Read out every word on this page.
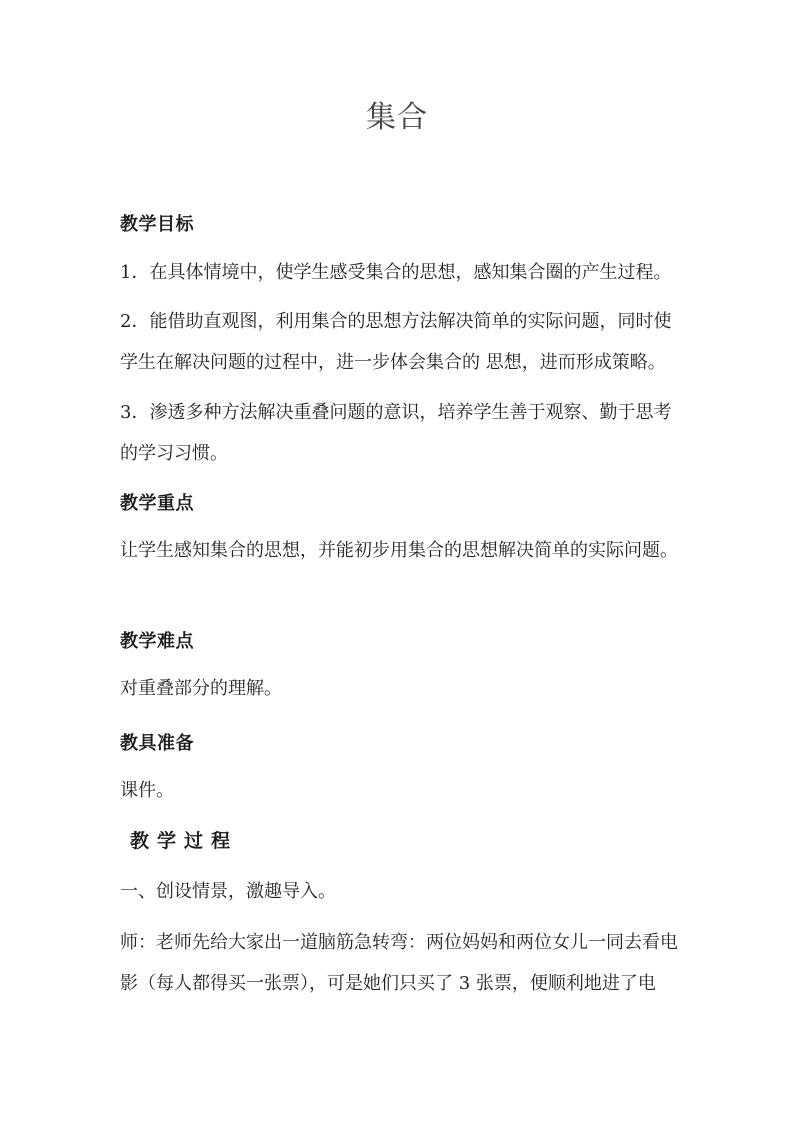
集合
教学目标
1．在具体情境中，使学生感受集合的思想，感知集合圈的产生过程。
2．能借助直观图，利用集合的思想方法解决简单的实际问题，同时使学生在解决问题的过程中，进一步体会集合的 思想，进而形成策略。
3．渗透多种方法解决重叠问题的意识，培养学生善于观察、勤于思考的学习习惯。
教学重点
让学生感知集合的思想，并能初步用集合的思想解决简单的实际问题。
教学难点
对重叠部分的理解。
教具准备
课件。
教学过程
一、创设情景，激趣导入。
师：老师先给大家出一道脑筋急转弯：两位妈妈和两位女儿一同去看电影（每人都得买一张票），可是她们只买了 3 张票，便顺利地进了电
